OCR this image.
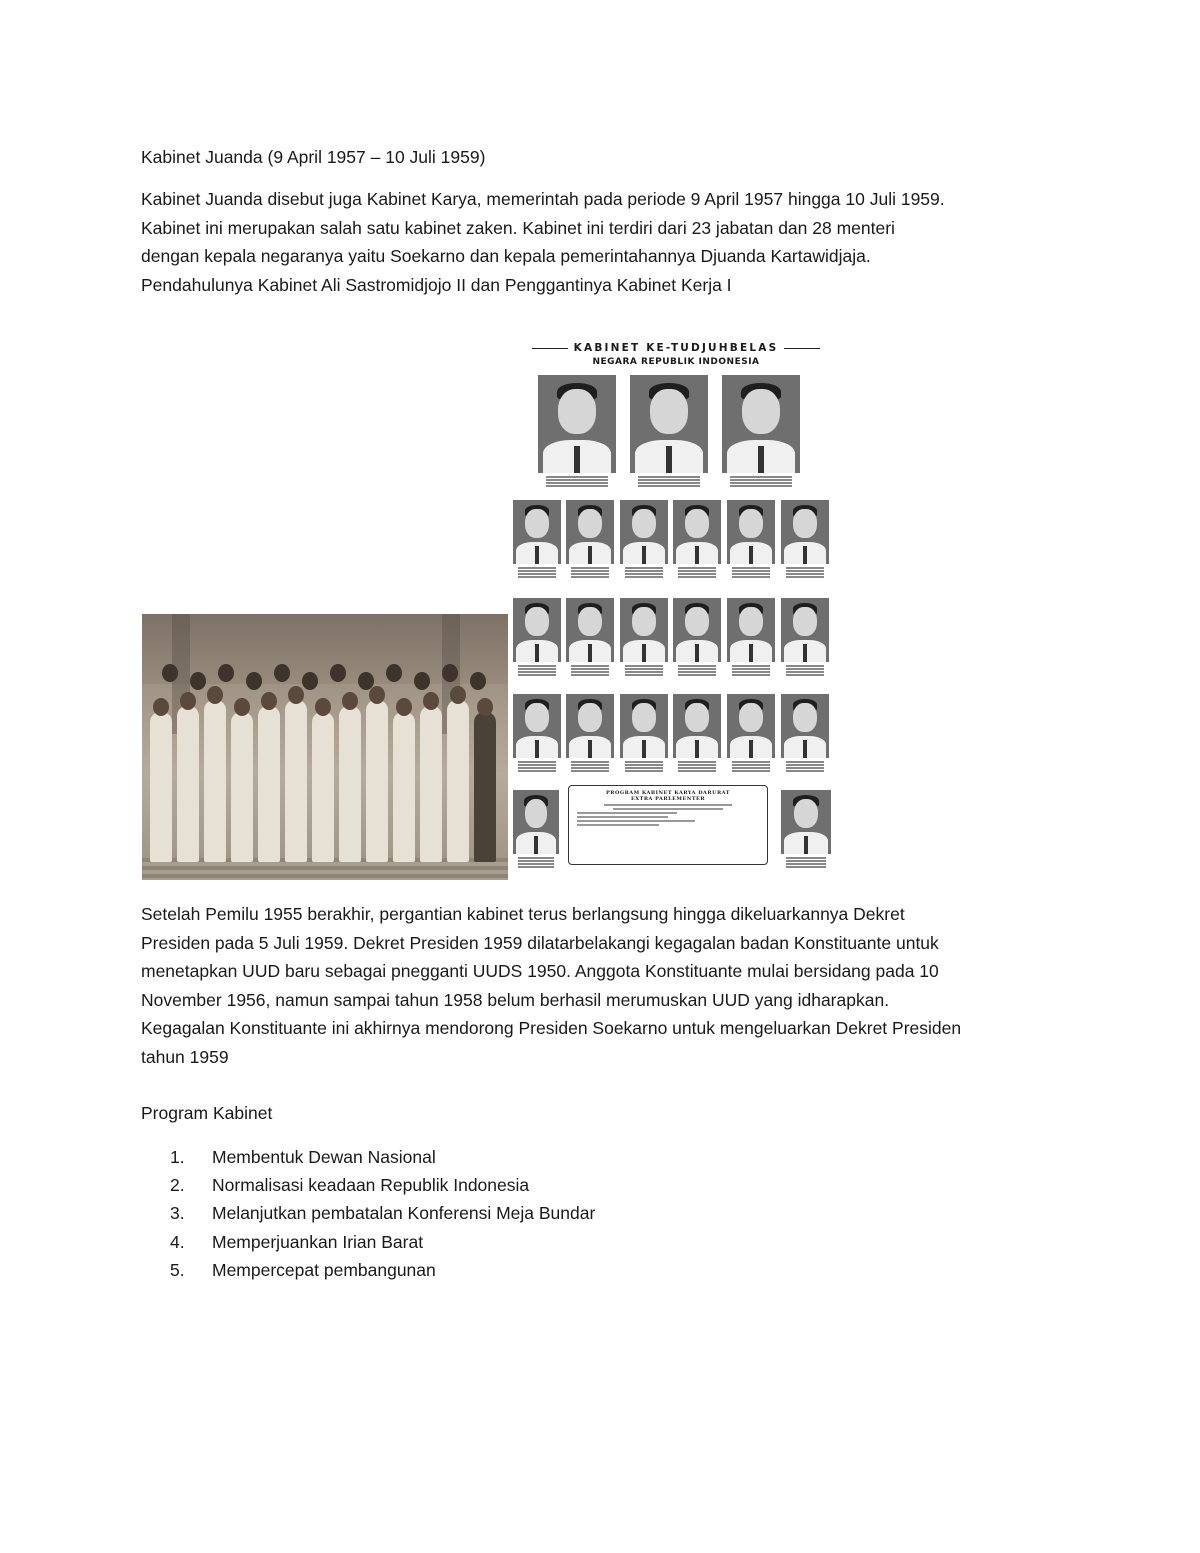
Kabinet Juanda (9 April 1957 – 10 Juli 1959)

Kabinet Juanda disebut juga Kabinet Karya, memerintah pada periode 9 April 1957 hingga 10 Juli 1959.

Kabinet ini merupakan salah satu kabinet zaken. Kabinet ini terdiri dari 23 jabatan dan 28 menteri

dengan kepala negaranya yaitu Soekarno dan kepala pemerintahannya Djuanda Kartawidjaja.

Pendahulunya Kabinet Ali Sastromidjojo II dan Penggantinya Kabinet Kerja I

KABINET KE-TUDJUHBELAS
NEGARA REPUBLIK INDONESIA
PROGRAM KABINET KARYA DARURAT
EXTRA PARLEMENTER

Setelah Pemilu 1955 berakhir, pergantian kabinet terus berlangsung hingga dikeluarkannya Dekret

Presiden pada 5 Juli 1959. Dekret Presiden 1959 dilatarbelakangi kegagalan badan Konstituante untuk

menetapkan UUD baru sebagai pnegganti UUDS 1950. Anggota Konstituante mulai bersidang pada 10

November 1956, namun sampai tahun 1958 belum berhasil merumuskan UUD yang idharapkan.

Kegagalan Konstituante ini akhirnya mendorong Presiden Soekarno untuk mengeluarkan Dekret Presiden

tahun 1959

Program Kabinet
1.	Membentuk Dewan Nasional
2.	Normalisasi keadaan Republik Indonesia
3.	Melanjutkan pembatalan Konferensi Meja Bundar
4.	Memperjuankan Irian Barat
5.	Mempercepat pembangunan
